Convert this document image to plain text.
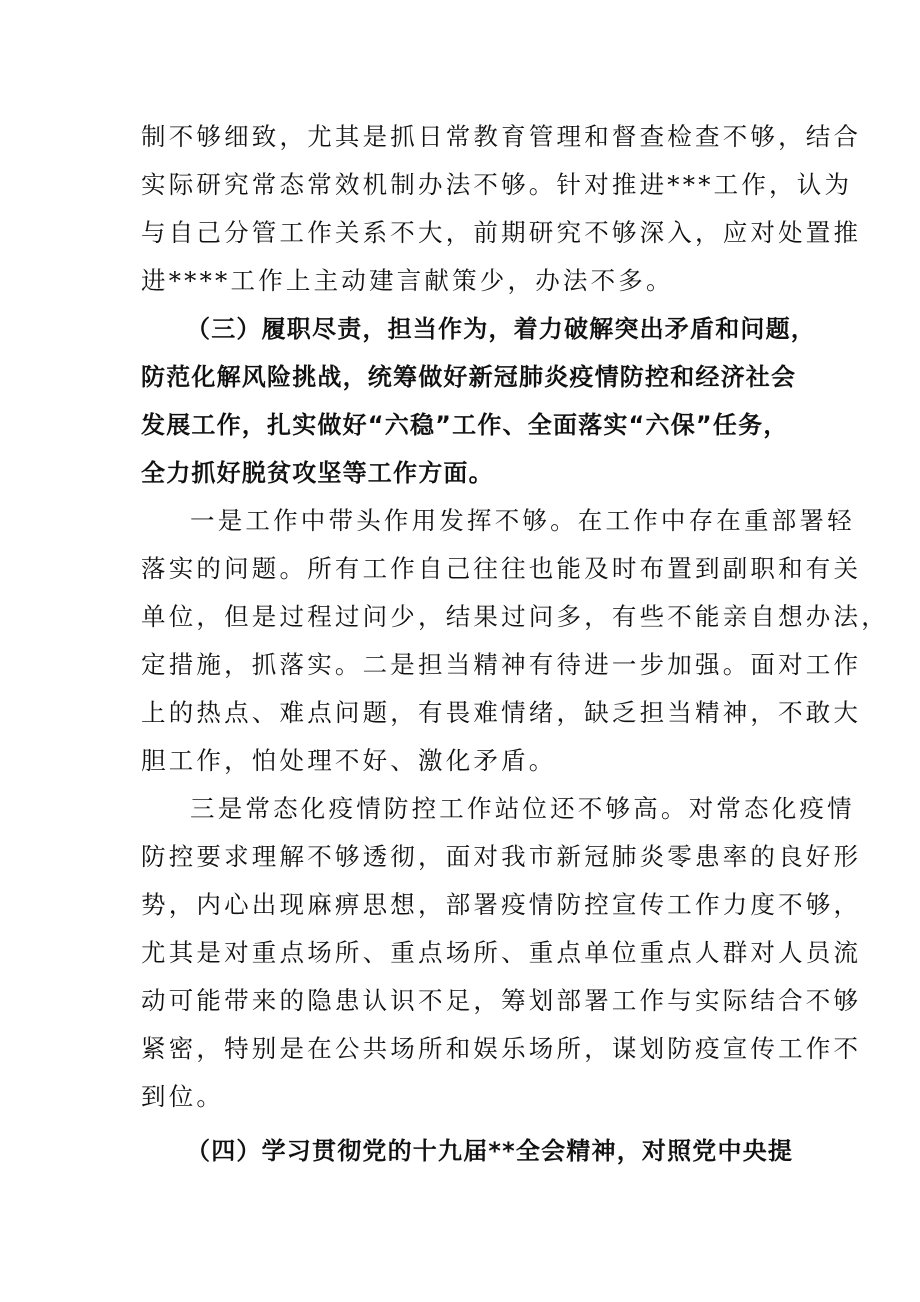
制不够细致，尤其是抓日常教育管理和督查检查不够，结合
实际研究常态常效机制办法不够。针对推进***工作，认为
与自己分管工作关系不大，前期研究不够深入，应对处置推
进****工作上主动建言献策少，办法不多。
（三）履职尽责，担当作为，着力破解突出矛盾和问题，
防范化解风险挑战，统筹做好新冠肺炎疫情防控和经济社会
发展工作，扎实做好“六稳”工作、全面落实“六保”任务，
全力抓好脱贫攻坚等工作方面。
一是工作中带头作用发挥不够。在工作中存在重部署轻
落实的问题。所有工作自己往往也能及时布置到副职和有关
单位，但是过程过问少，结果过问多，有些不能亲自想办法，
定措施，抓落实。二是担当精神有待进一步加强。面对工作
上的热点、难点问题，有畏难情绪，缺乏担当精神，不敢大
胆工作，怕处理不好、激化矛盾。
三是常态化疫情防控工作站位还不够高。对常态化疫情
防控要求理解不够透彻，面对我市新冠肺炎零患率的良好形
势，内心出现麻痹思想，部署疫情防控宣传工作力度不够，
尤其是对重点场所、重点场所、重点单位重点人群对人员流
动可能带来的隐患认识不足，筹划部署工作与实际结合不够
紧密，特别是在公共场所和娱乐场所，谋划防疫宣传工作不
到位。
（四）学习贯彻党的十九届**全会精神，对照党中央提
